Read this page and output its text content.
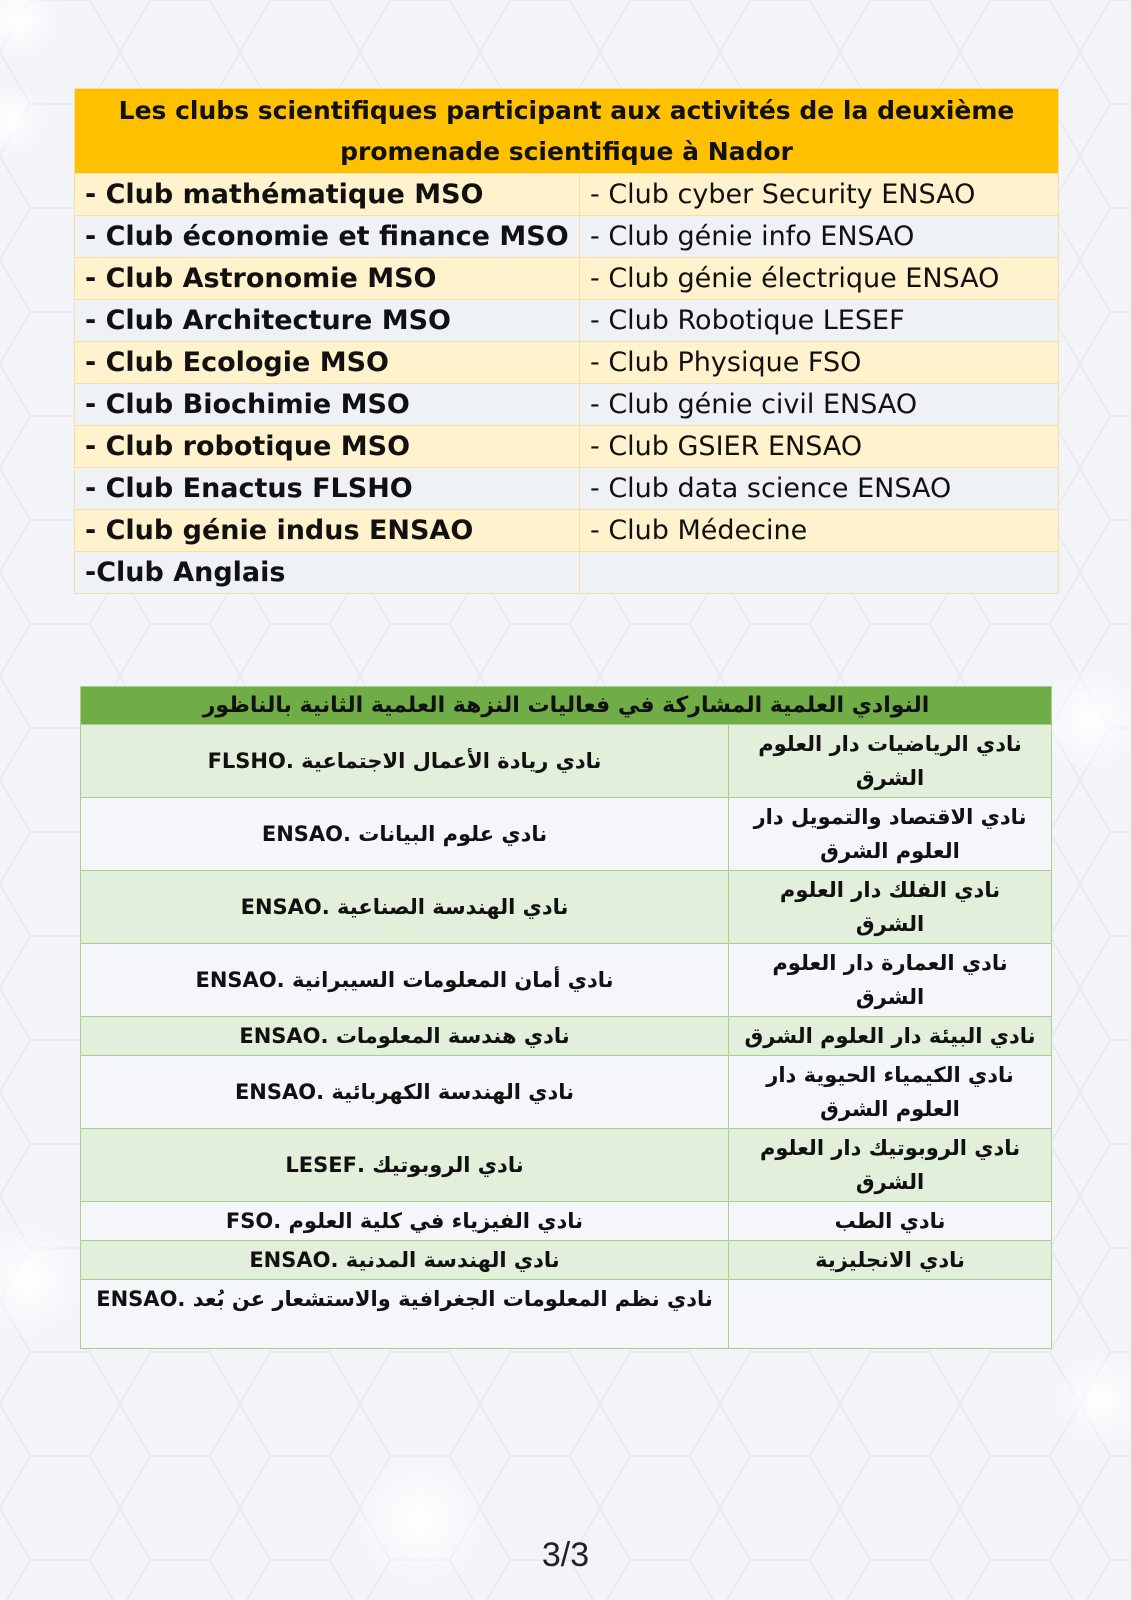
Les clubs scientifiques participant aux activités de la deuxième promenade scientifique à Nador	
- Club mathématique MSO	- Club cyber Security ENSAO
- Club économie et finance MSO	- Club génie info ENSAO
- Club Astronomie MSO	- Club génie électrique ENSAO
- Club Architecture MSO	- Club Robotique LESEF
- Club Ecologie MSO	- Club Physique FSO
- Club Biochimie MSO	- Club génie civil ENSAO
- Club robotique MSO	- Club GSIER ENSAO
- Club Enactus FLSHO	- Club data science ENSAO
- Club génie indus ENSAO	- Club Médecine
-Club Anglais	
النوادي العلمية المشاركة في فعاليات النزهة العلمية الثانية بالناظور	
نادي الرياضيات دار العلوم الشرق	نادي ريادة الأعمال الاجتماعية .FLSHO
نادي الاقتصاد والتمويل دار العلوم الشرق	نادي علوم البيانات .ENSAO
نادي الفلك دار العلوم الشرق	نادي الهندسة الصناعية .ENSAO
نادي العمارة دار العلوم الشرق	نادي أمان المعلومات السيبرانية .ENSAO
نادي البيئة دار العلوم الشرق	نادي هندسة المعلومات .ENSAO
نادي الكيمياء الحيوية دار العلوم الشرق	نادي الهندسة الكهربائية .ENSAO
نادي الروبوتيك دار العلوم الشرق	نادي الروبوتيك .LESEF
نادي الطب	نادي الفيزياء في كلية العلوم .FSO
نادي الانجليزية	نادي الهندسة المدنية .ENSAO
	نادي نظم المعلومات الجغرافية والاستشعار عن بُعد .ENSAO
3/3
